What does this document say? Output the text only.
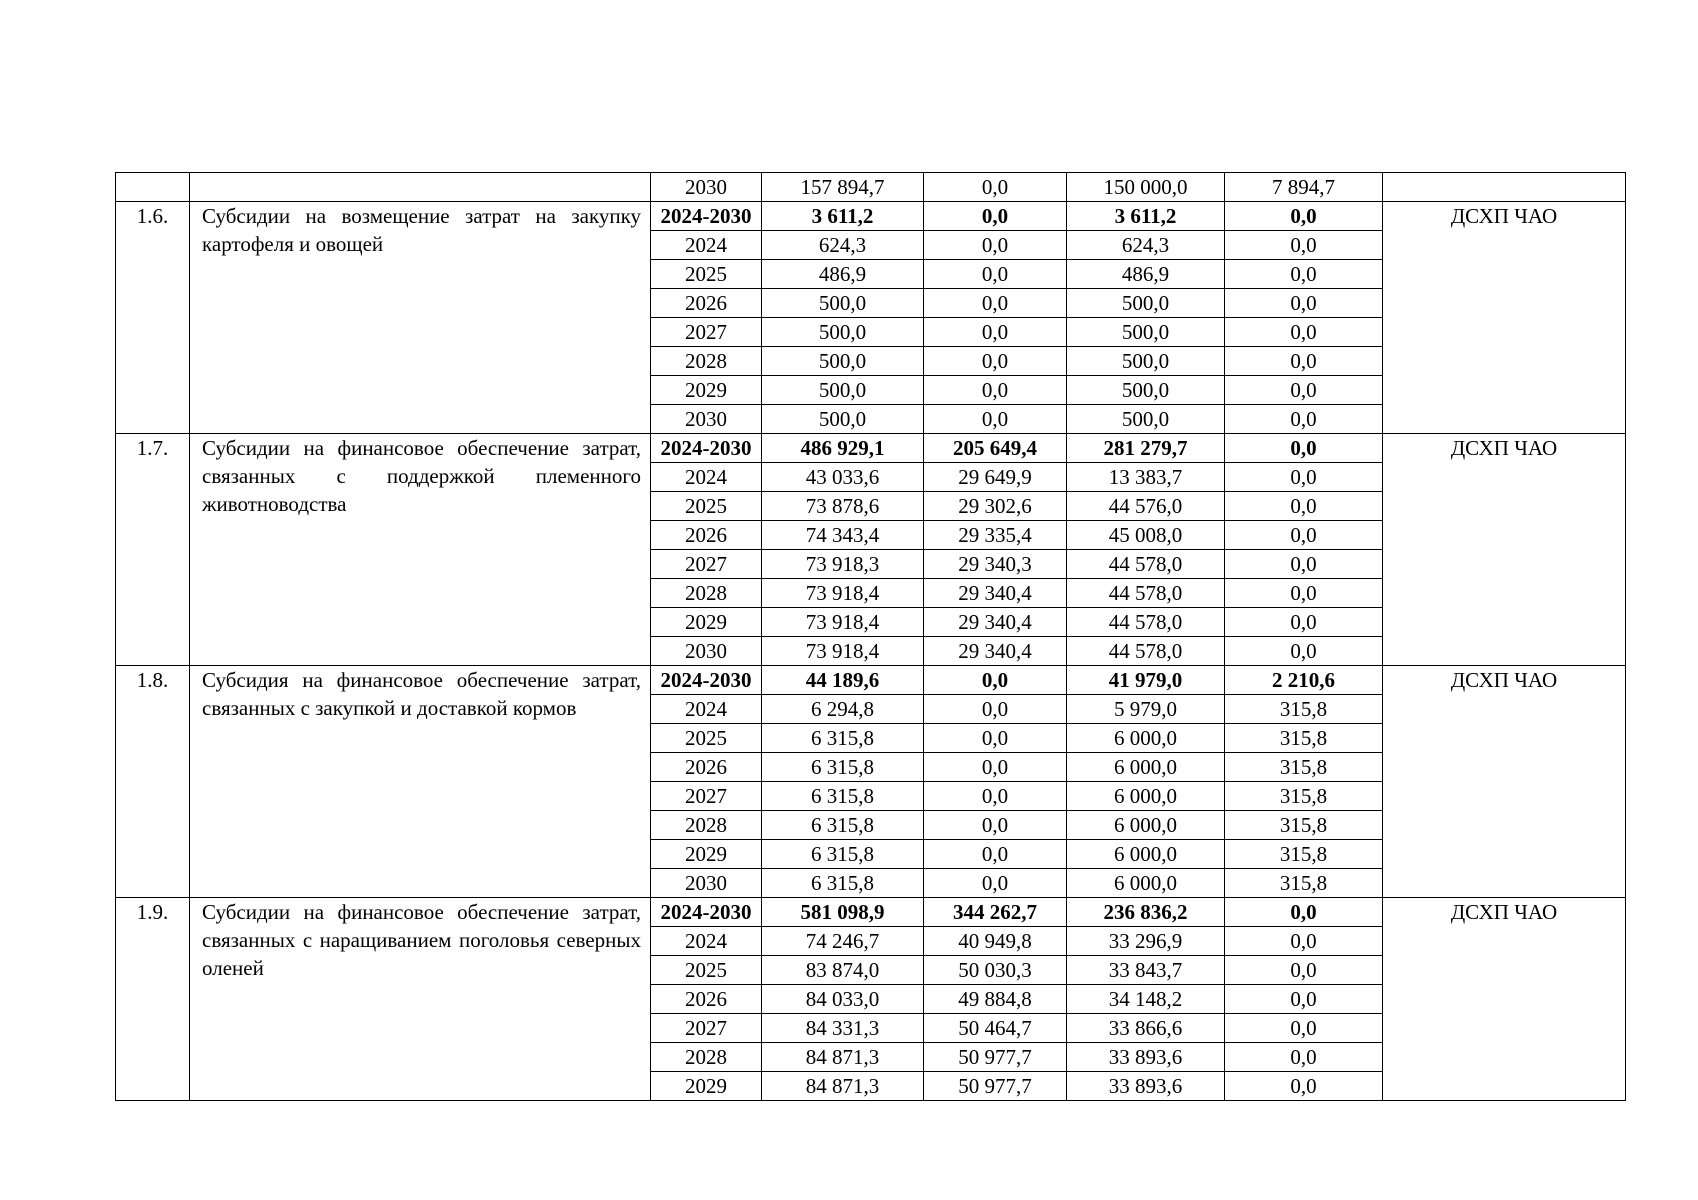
		2030	157 894,7	0,0	150 000,0	7 894,7	
1.6.	Субсидии на возмещение затрат на закупку картофеля и овощей	2024-2030	3 611,2	0,0	3 611,2	0,0	ДСХП ЧАО
		2024	624,3	0,0	624,3	0,0	
		2025	486,9	0,0	486,9	0,0	
		2026	500,0	0,0	500,0	0,0	
		2027	500,0	0,0	500,0	0,0	
		2028	500,0	0,0	500,0	0,0	
		2029	500,0	0,0	500,0	0,0	
		2030	500,0	0,0	500,0	0,0	
1.7.	Субсидии на финансовое обеспечение затрат, связанных с поддержкой племенного животноводства	2024-2030	486 929,1	205 649,4	281 279,7	0,0	ДСХП ЧАО
		2024	43 033,6	29 649,9	13 383,7	0,0	
		2025	73 878,6	29 302,6	44 576,0	0,0	
		2026	74 343,4	29 335,4	45 008,0	0,0	
		2027	73 918,3	29 340,3	44 578,0	0,0	
		2028	73 918,4	29 340,4	44 578,0	0,0	
		2029	73 918,4	29 340,4	44 578,0	0,0	
		2030	73 918,4	29 340,4	44 578,0	0,0	
1.8.	Субсидия на финансовое обеспечение затрат, связанных с закупкой и доставкой кормов	2024-2030	44 189,6	0,0	41 979,0	2 210,6	ДСХП ЧАО
		2024	6 294,8	0,0	5 979,0	315,8	
		2025	6 315,8	0,0	6 000,0	315,8	
		2026	6 315,8	0,0	6 000,0	315,8	
		2027	6 315,8	0,0	6 000,0	315,8	
		2028	6 315,8	0,0	6 000,0	315,8	
		2029	6 315,8	0,0	6 000,0	315,8	
		2030	6 315,8	0,0	6 000,0	315,8	
1.9.	Субсидии на финансовое обеспечение затрат, связанных с наращиванием поголовья северных оленей	2024-2030	581 098,9	344 262,7	236 836,2	0,0	ДСХП ЧАО
		2024	74 246,7	40 949,8	33 296,9	0,0	
		2025	83 874,0	50 030,3	33 843,7	0,0	
		2026	84 033,0	49 884,8	34 148,2	0,0	
		2027	84 331,3	50 464,7	33 866,6	0,0	
		2028	84 871,3	50 977,7	33 893,6	0,0	
		2029	84 871,3	50 977,7	33 893,6	0,0	
